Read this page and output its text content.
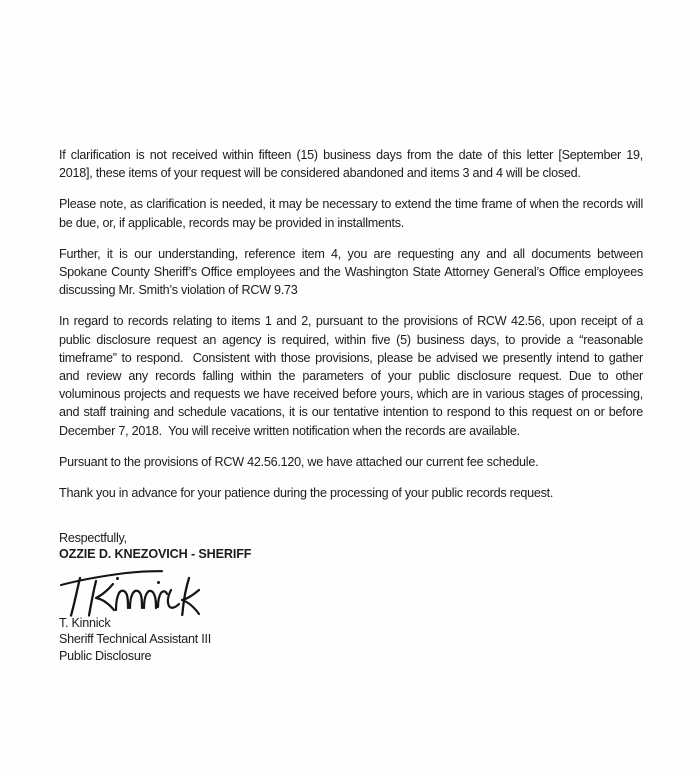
If clarification is not received within fifteen (15) business days from the date of this letter [September 19, 2018], these items of your request will be considered abandoned and items 3 and 4 will be closed.

Please note, as clarification is needed, it may be necessary to extend the time frame of when the records will be due, or, if applicable, records may be provided in installments.

Further, it is our understanding, reference item 4, you are requesting any and all documents between Spokane County Sheriff’s Office employees and the Washington State Attorney General’s Office employees discussing Mr. Smith’s violation of RCW 9.73

In regard to records relating to items 1 and 2, pursuant to the provisions of RCW 42.56, upon receipt of a public disclosure request an agency is required, within five (5) business days, to provide a “reasonable timeframe” to respond.  Consistent with those provisions, please be advised we presently intend to gather and review any records falling within the parameters of your public disclosure request. Due to other voluminous projects and requests we have received before yours, which are in various stages of processing, and staff training and schedule vacations, it is our tentative intention to respond to this request on or before December 7, 2018.  You will receive written notification when the records are available.

Pursuant to the provisions of RCW 42.56.120, we have attached our current fee schedule.

Thank you in advance for your patience during the processing of your public records request.

Respectfully,
OZZIE D. KNEZOVICH - SHERIFF
T. Kinnick
Sheriff Technical Assistant III
Public Disclosure
